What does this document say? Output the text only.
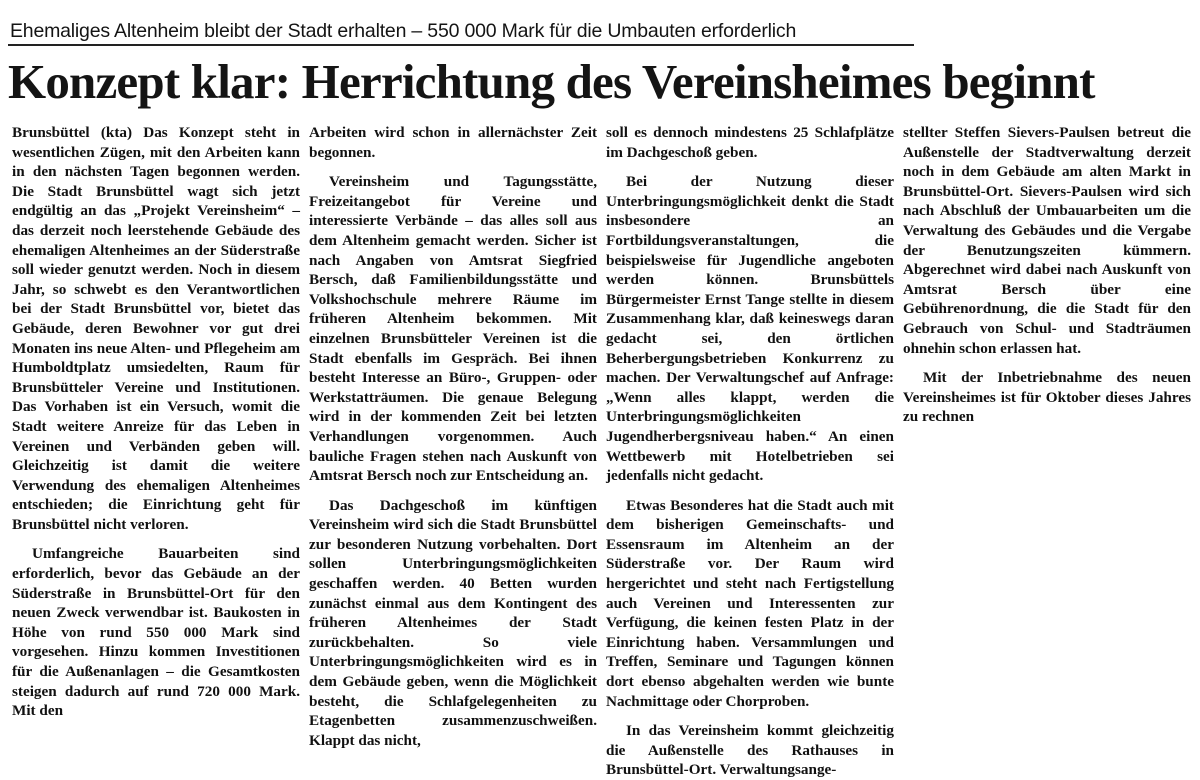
Ehemaliges Altenheim bleibt der Stadt erhalten – 550 000 Mark für die Umbauten erforderlich
Konzept klar: Herrichtung des Vereinsheimes beginnt

Brunsbüttel (kta) Das Konzept steht in wesentlichen Zügen, mit den Arbeiten kann in den nächsten Tagen begonnen werden. Die Stadt Brunsbüttel wagt sich jetzt endgültig an das „Projekt Vereinsheim“ – das derzeit noch leerstehende Gebäude des ehemaligen Altenheimes an der Süderstraße soll wieder genutzt werden. Noch in diesem Jahr, so schwebt es den Verantwortlichen bei der Stadt Brunsbüttel vor, bietet das Gebäude, deren Bewohner vor gut drei Monaten ins neue Alten- und Pflegeheim am Humboldtplatz umsiedelten, Raum für Brunsbütteler Vereine und Institutionen. Das Vorhaben ist ein Versuch, womit die Stadt weitere Anreize für das Leben in Vereinen und Verbänden geben will. Gleichzeitig ist damit die weitere Verwendung des ehemaligen Altenheimes entschieden; die Einrichtung geht für Brunsbüttel nicht verloren.

Umfangreiche Bauarbeiten sind erforderlich, bevor das Gebäude an der Süderstraße in Brunsbüttel-Ort für den neuen Zweck verwendbar ist. Baukosten in Höhe von rund 550 000 Mark sind vorgesehen. Hinzu kommen Investitionen für die Außenanlagen – die Gesamtkosten steigen dadurch auf rund 720 000 Mark. Mit den

Arbeiten wird schon in allernächster Zeit begonnen.

Vereinsheim und Tagungsstätte, Freizeitangebot für Vereine und interessierte Verbände – das alles soll aus dem Altenheim gemacht werden. Sicher ist nach Angaben von Amtsrat Siegfried Bersch, daß Familienbildungsstätte und Volkshochschule mehrere Räume im früheren Altenheim bekommen. Mit einzelnen Brunsbütteler Vereinen ist die Stadt ebenfalls im Gespräch. Bei ihnen besteht Interesse an Büro-, Gruppen- oder Werkstatträumen. Die genaue Belegung wird in der kommenden Zeit bei letzten Verhandlungen vorgenommen. Auch bauliche Fragen stehen nach Auskunft von Amtsrat Bersch noch zur Entscheidung an.

Das Dachgeschoß im künftigen Vereinsheim wird sich die Stadt Brunsbüttel zur besonderen Nutzung vorbehalten. Dort sollen Unterbringungsmöglichkeiten geschaffen werden. 40 Betten wurden zunächst einmal aus dem Kontingent des früheren Altenheimes der Stadt zurückbehalten. So viele Unterbringungsmöglichkeiten wird es in dem Gebäude geben, wenn die Möglichkeit besteht, die Schlafgelegenheiten zu Etagenbetten zusammenzuschweißen. Klappt das nicht,

soll es dennoch mindestens 25 Schlafplätze im Dachgeschoß geben.

Bei der Nutzung dieser Unterbringungsmöglichkeit denkt die Stadt insbesondere an Fortbildungsveranstaltungen, die beispielsweise für Jugendliche angeboten werden können. Brunsbüttels Bürgermeister Ernst Tange stellte in diesem Zusammenhang klar, daß keineswegs daran gedacht sei, den örtlichen Beherbergungsbetrieben Konkurrenz zu machen. Der Verwaltungschef auf Anfrage: „Wenn alles klappt, werden die Unterbringungsmöglichkeiten Jugendherbergsniveau haben.“ An einen Wettbewerb mit Hotelbetrieben sei jedenfalls nicht gedacht.

Etwas Besonderes hat die Stadt auch mit dem bisherigen Gemeinschafts- und Essensraum im Altenheim an der Süderstraße vor. Der Raum wird hergerichtet und steht nach Fertigstellung auch Vereinen und Interessenten zur Verfügung, die keinen festen Platz in der Einrichtung haben. Versammlungen und Treffen, Seminare und Tagungen können dort ebenso abgehalten werden wie bunte Nachmittage oder Chorproben.

In das Vereinsheim kommt gleichzeitig die Außenstelle des Rathauses in Brunsbüttel-Ort. Verwaltungsange-

stellter Steffen Sievers-Paulsen betreut die Außenstelle der Stadtverwaltung derzeit noch in dem Gebäude am alten Markt in Brunsbüttel-Ort. Sievers-Paulsen wird sich nach Abschluß der Umbauarbeiten um die Verwaltung des Gebäudes und die Vergabe der Benutzungszeiten kümmern. Abgerechnet wird dabei nach Auskunft von Amtsrat Bersch über eine Gebührenordnung, die die Stadt für den Gebrauch von Schul- und Stadträumen ohnehin schon erlassen hat.

Mit der Inbetriebnahme des neuen Vereinsheimes ist für Oktober dieses Jahres zu rechnen
